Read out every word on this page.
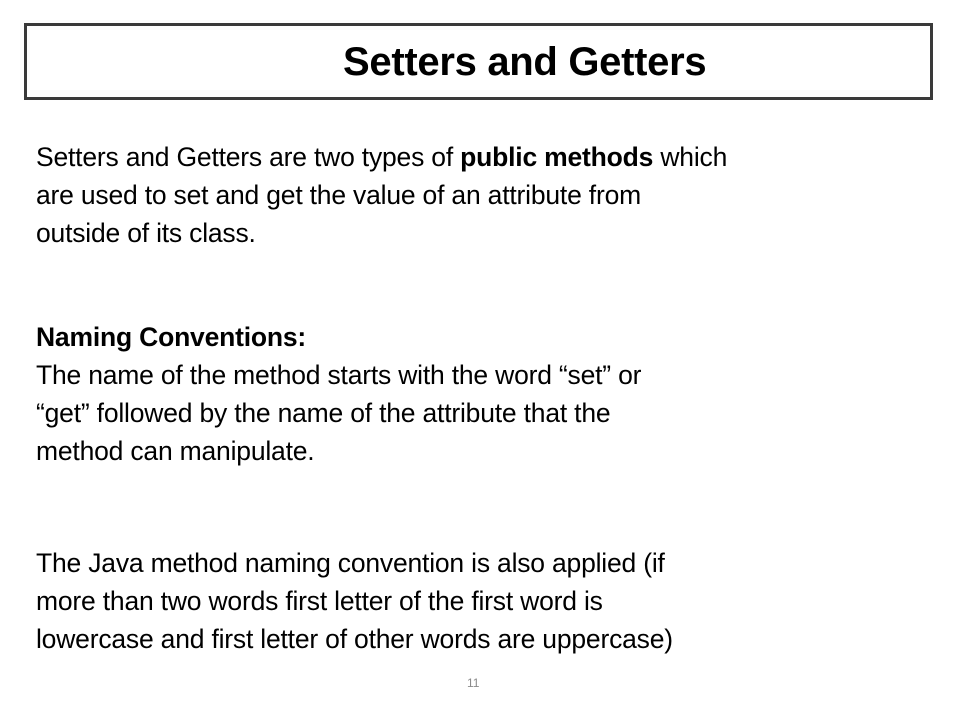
Setters and Getters
Setters and Getters are two types of public methods which
are used to set and get the value of an attribute from
outside of its class.
Naming Conventions:
The name of the method starts with the word “set” or
“get” followed by the name of the attribute that the
method can manipulate.
The Java method naming convention is also applied (if
more than two words first letter of the first word is
lowercase and first letter of other words are uppercase)
11
